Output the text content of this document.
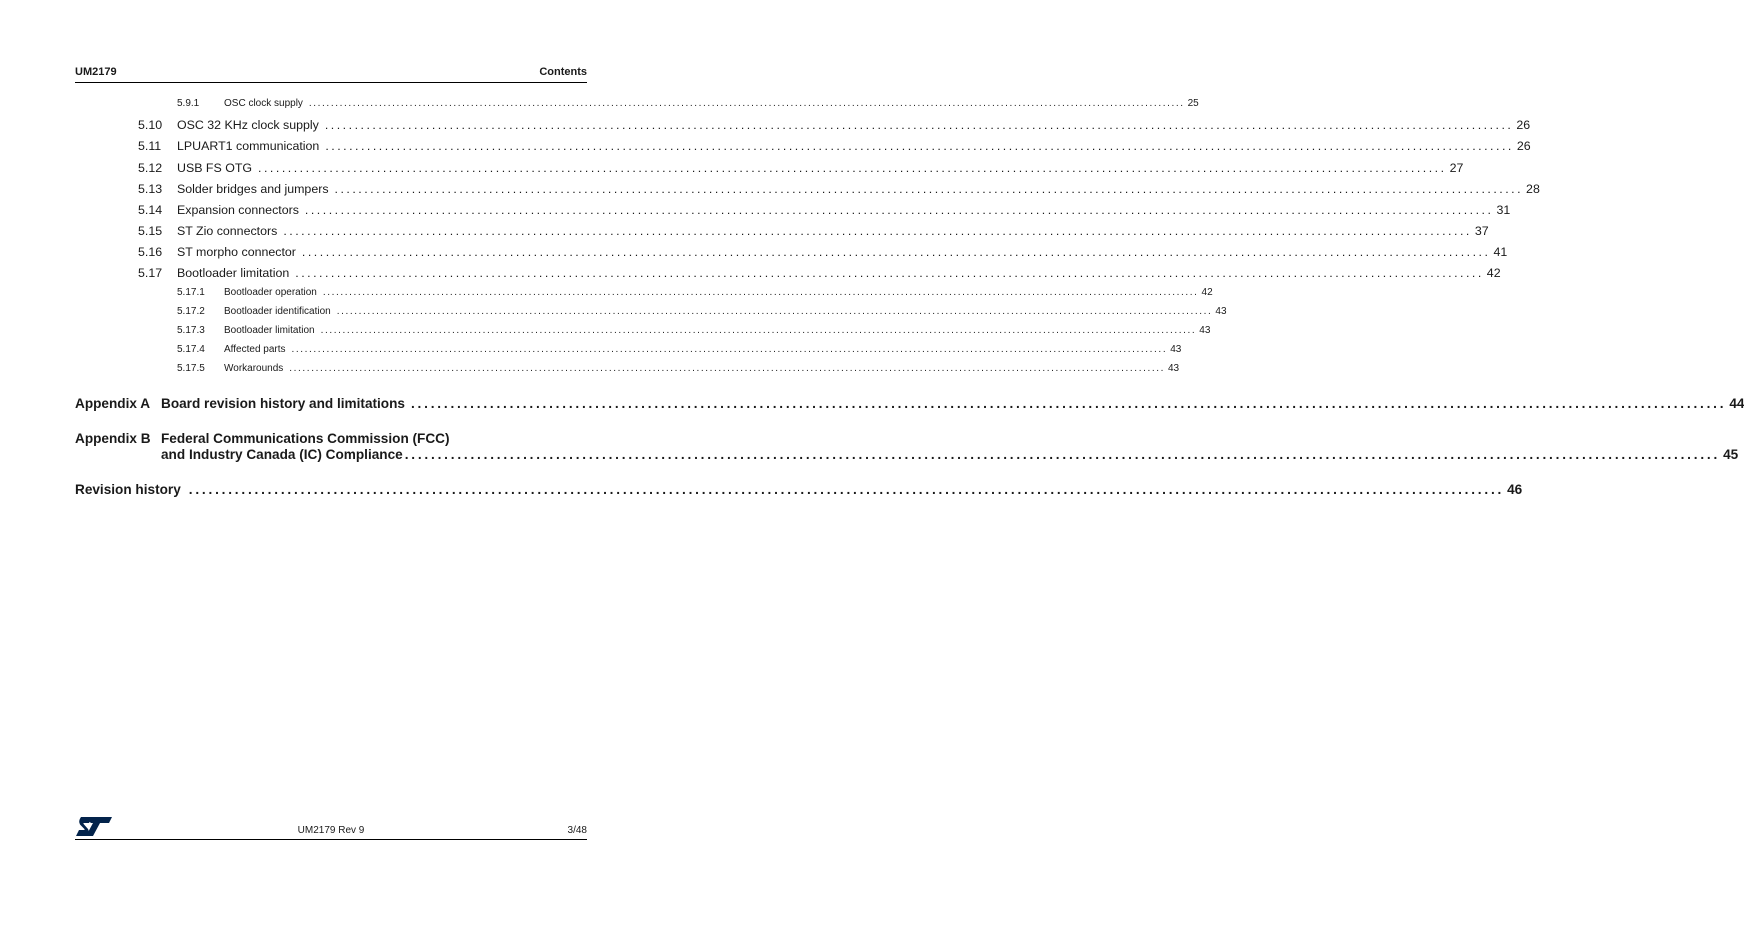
UM2179	Contents
5.9.1	OSC clock supply ........................................................................................................................................................................................................ 25
5.10	OSC 32 KHz clock supply ........................................................................................................................................................................................................ 26
5.11	LPUART1 communication ........................................................................................................................................................................................................ 26
5.12	USB FS OTG ........................................................................................................................................................................................................ 27
5.13	Solder bridges and jumpers ........................................................................................................................................................................................................ 28
5.14	Expansion connectors ........................................................................................................................................................................................................ 31
5.15	ST Zio connectors ........................................................................................................................................................................................................ 37
5.16	ST morpho connector ........................................................................................................................................................................................................ 41
5.17	Bootloader limitation ........................................................................................................................................................................................................ 42
5.17.1	Bootloader operation ........................................................................................................................................................................................................ 42
5.17.2	Bootloader identification ........................................................................................................................................................................................................ 43
5.17.3	Bootloader limitation ........................................................................................................................................................................................................ 43
5.17.4	Affected parts ........................................................................................................................................................................................................ 43
5.17.5	Workarounds ........................................................................................................................................................................................................ 43
Appendix A Board revision history and limitations ........................................................................................................................................................................................................ 44
Appendix B Federal Communications Commission (FCC)
and Industry Canada (IC) Compliance ........................................................................................................................................................................................................ 45
Revision history ........................................................................................................................................................................................................ 46
ST
UM2179 Rev 9	3/48
